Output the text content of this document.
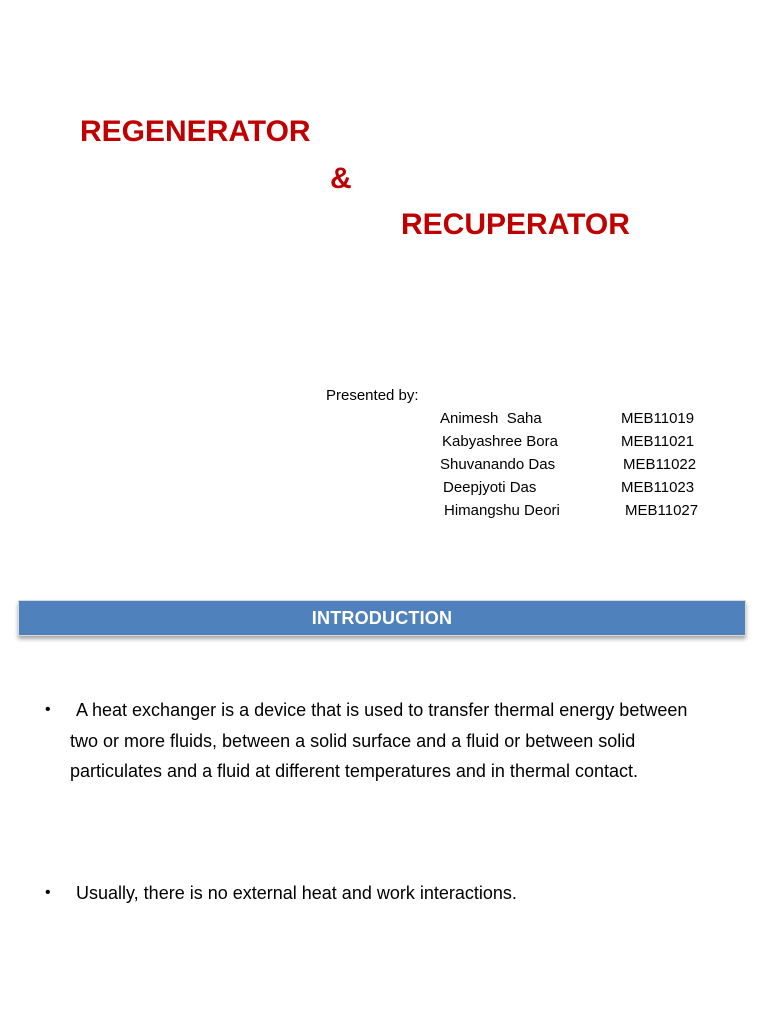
REGENERATOR
&
RECUPERATOR
Presented by:
Animesh  Saha	MEB11019
Kabyashree Bora	MEB11021
Shuvanando Das	MEB11022
Deepjyoti Das	MEB11023
Himangshu Deori	MEB11027
INTRODUCTION
•	A heat exchanger is a device that is used to transfer thermal energy between two or more fluids, between a solid surface and a fluid or between solid particulates and a fluid at different temperatures and in thermal contact.
•	Usually, there is no external heat and work interactions.
